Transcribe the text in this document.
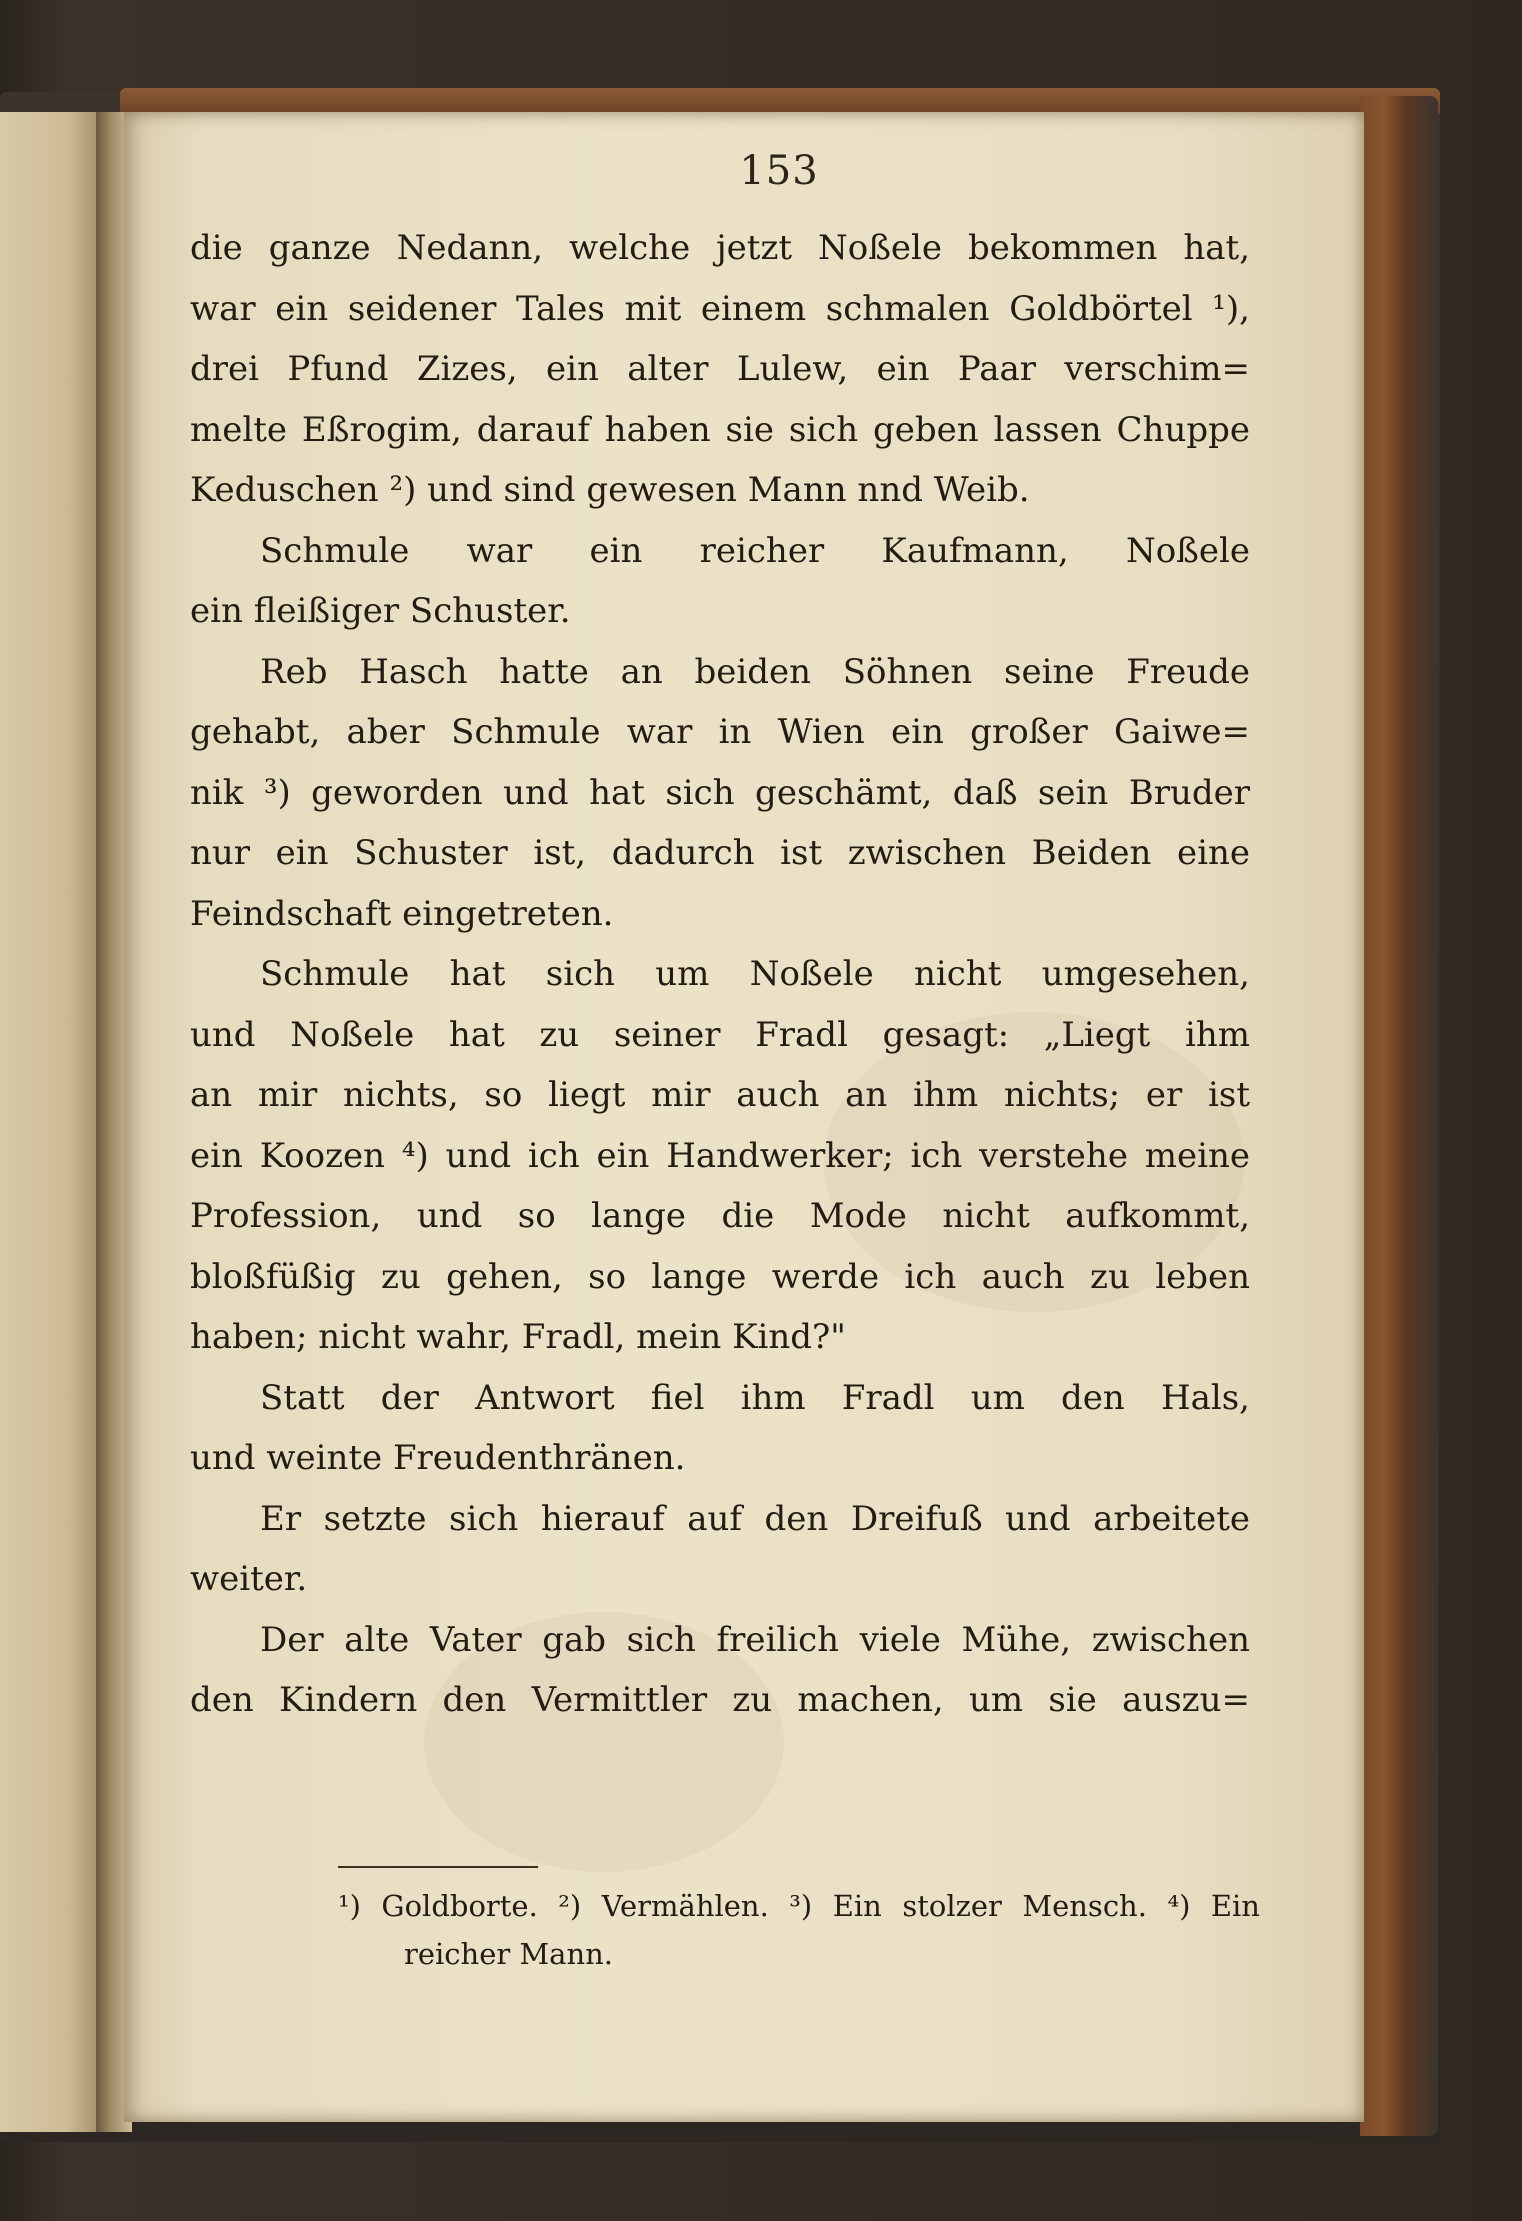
153
die ganze Nedann, welche jetzt Noßele bekommen hat,
war ein seidener Tales mit einem schmalen Goldbörtel ¹),
drei Pfund Zizes, ein alter Lulew, ein Paar verschim=
melte Eßrogim, darauf haben sie sich geben lassen Chuppe
Keduschen ²) und sind gewesen Mann nnd Weib.
Schmule war ein reicher Kaufmann, Noßele
ein fleißiger Schuster.
Reb Hasch hatte an beiden Söhnen seine Freude
gehabt, aber Schmule war in Wien ein großer Gaiwe=
nik ³) geworden und hat sich geschämt, daß sein Bruder
nur ein Schuster ist, dadurch ist zwischen Beiden eine
Feindschaft eingetreten.
Schmule hat sich um Noßele nicht umgesehen,
und Noßele hat zu seiner Fradl gesagt: „Liegt ihm
an mir nichts, so liegt mir auch an ihm nichts; er ist
ein Koozen ⁴) und ich ein Handwerker; ich verstehe meine
Profession, und so lange die Mode nicht aufkommt,
bloßfüßig zu gehen, so lange werde ich auch zu leben
haben; nicht wahr, Fradl, mein Kind?"
Statt der Antwort fiel ihm Fradl um den Hals,
und weinte Freudenthränen.
Er setzte sich hierauf auf den Dreifuß und arbeitete
weiter.
Der alte Vater gab sich freilich viele Mühe, zwischen
den Kindern den Vermittler zu machen, um sie auszu=
¹) Goldborte. ²) Vermählen. ³) Ein stolzer Mensch. ⁴) Ein
reicher Mann.
